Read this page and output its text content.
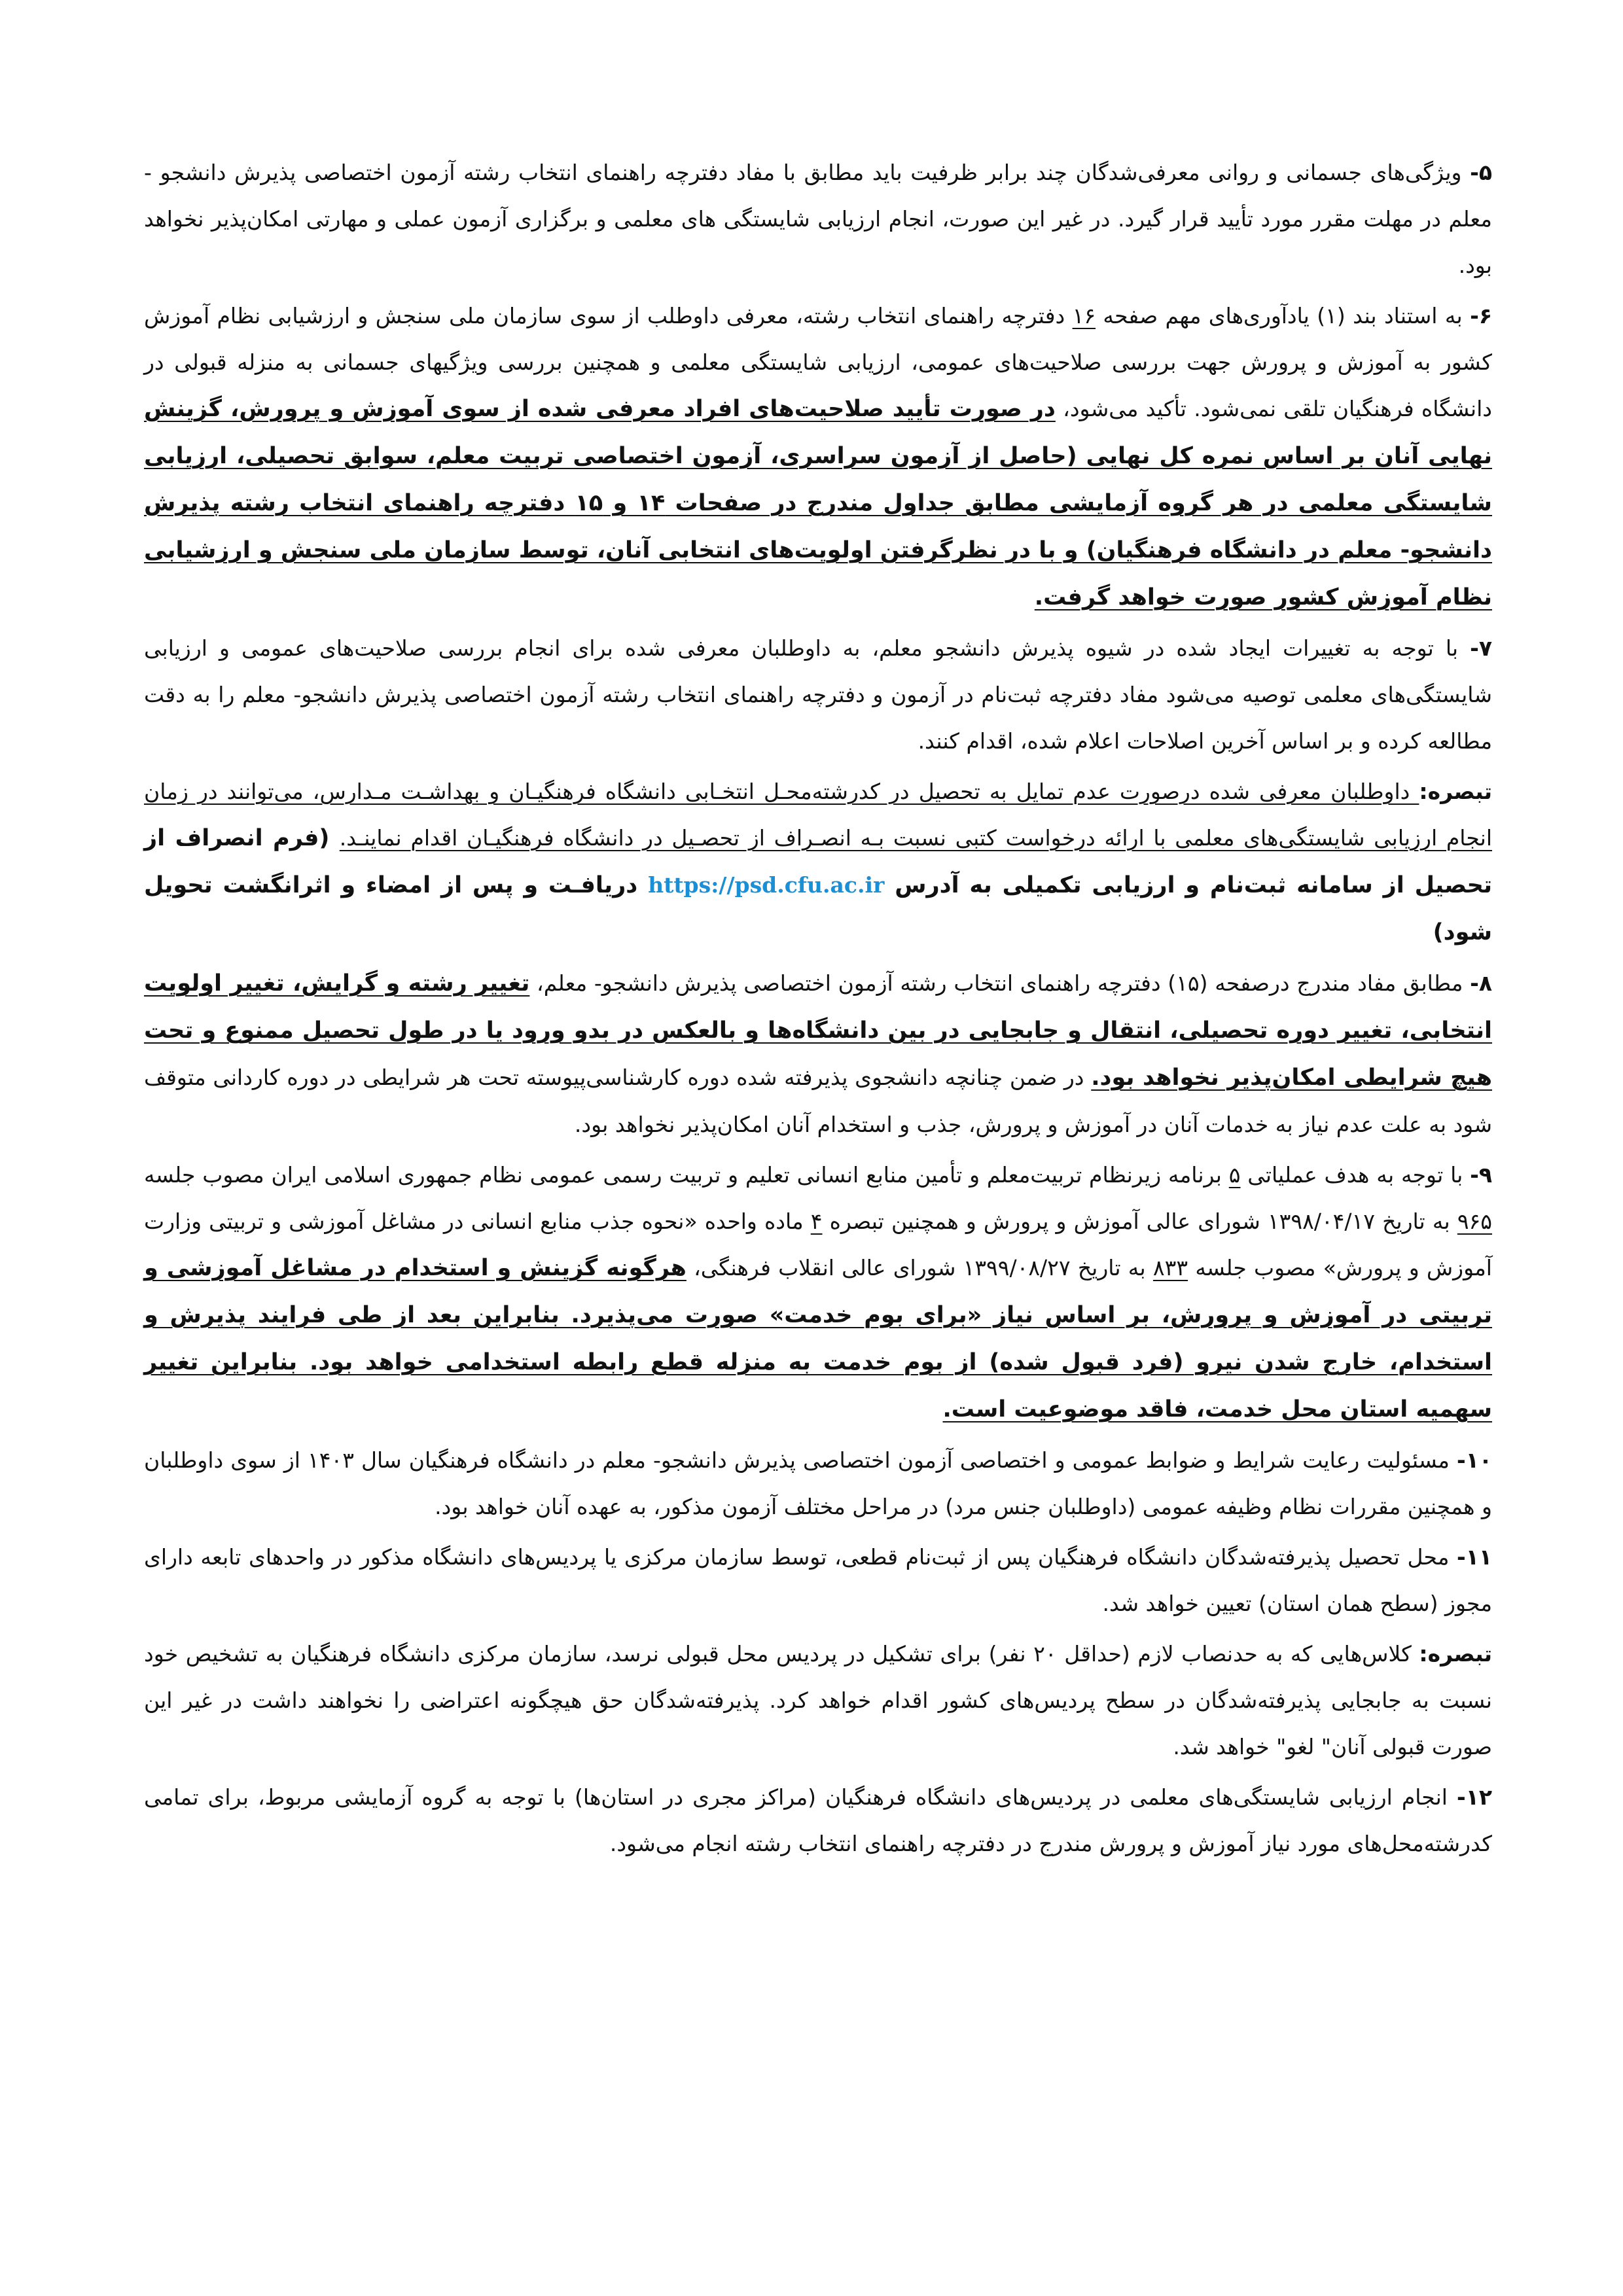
۵- ویژگی‌های جسمانی و روانی معرفی‌شدگان چند برابر ظرفیت باید مطابق با مفاد دفترچه راهنمای انتخاب رشته آزمون اختصاصی پذیرش دانشجو - معلم در مهلت مقرر مورد تأیید قرار گیرد. در غیر این صورت، انجام ارزیابی شایستگی های معلمی و برگزاری آزمون عملی و مهارتی امکان‌پذیر نخواهد بود.

۶- به استناد بند (۱) یادآوری‌های مهم صفحه ۱۶ دفترچه راهنمای انتخاب رشته، معرفی داوطلب از سوی سازمان ملی سنجش و ارزشیابی نظام آموزش کشور به آموزش و پرورش جهت بررسی صلاحیت‌های عمومی، ارزیابی شایستگی معلمی و همچنین بررسی ویژگیهای جسمانی به منزله قبولی در دانشگاه فرهنگیان تلقی نمی‌شود. تأکید می‌شود، در صورت تأیید صلاحیت‌های افراد معرفی شده از سوی آموزش و پرورش، گزینش نهایی آنان بر اساس نمره کل نهایی (حاصل از آزمون سراسری، آزمون اختصاصی تربیت معلم، سوابق تحصیلی، ارزیابی شایستگی معلمی در هر گروه آزمایشی مطابق جداول مندرج در صفحات ۱۴ و ۱۵ دفترچه راهنمای انتخاب رشته پذیرش دانشجو- معلم در دانشگاه فرهنگیان) و با در نظرگرفتن اولویت‌های انتخابی آنان، توسط سازمان ملی سنجش و ارزشیابی نظام آموزش کشور صورت خواهد گرفت.

۷- با توجه به تغییرات ایجاد شده در شیوه پذیرش دانشجو معلم، به داوطلبان معرفی شده برای انجام بررسی صلاحیت‌های عمومی و ارزیابی شایستگی‌های معلمی توصیه می‌شود مفاد دفترچه ثبت‌نام در آزمون و دفترچه راهنمای انتخاب رشته آزمون اختصاصی پذیرش دانشجو- معلم را به دقت مطالعه کرده و بر اساس آخرین اصلاحات اعلام شده، اقدام کنند.

تبصره: داوطلبان معرفی شده درصورت عدم تمایل به تحصیل در کدرشته‌محـل انتخـابی دانشگاه فرهنگیـان و بهداشـت مـدارس، می‌توانند در زمان انجام ارزیابی شایستگی‌های معلمی با ارائه درخواست کتبی نسبت بـه انصـراف از تحصـیل در دانشگاه فرهنگیـان اقدام نماینـد. (فرم انصراف از تحصیل از سامانه ثبت‌نام و ارزیابی تکمیلی به آدرس https://psd.cfu.ac.ir دریافـت و پس از امضاء و اثرانگشت تحویل شود)

۸- مطابق مفاد مندرج درصفحه (۱۵) دفترچه راهنمای انتخاب رشته آزمون اختصاصی پذیرش دانشجو- معلم، تغییر رشته و گرایش، تغییر اولویت انتخابی، تغییر دوره تحصیلی، انتقال و جابجایی در بین دانشگاه‌ها و بالعکس در بدو ورود یا در طول تحصیل ممنوع و تحت هیچ شرایطی امکان‌پذیر نخواهد بود. در ضمن چنانچه دانشجوی پذیرفته شده دوره کارشناسی‌پیوسته تحت هر شرایطی در دوره کاردانی متوقف شود به علت عدم نیاز به خدمات آنان در آموزش و پرورش، جذب و استخدام آنان امکان‌پذیر نخواهد بود.

۹- با توجه به هدف عملیاتی ۵ برنامه زیرنظام تربیت‌معلم و تأمین منابع انسانی تعلیم و تربیت رسمی عمومی نظام جمهوری اسلامی ایران مصوب جلسه ۹۶۵ به تاریخ ۱۳۹۸/۰۴/۱۷ شورای عالی آموزش و پرورش و همچنین تبصره ۴ ماده واحده «نحوه جذب منابع انسانی در مشاغل آموزشی و تربیتی وزارت آموزش و پرورش» مصوب جلسه ۸۳۳ به تاریخ ۱۳۹۹/۰۸/۲۷ شورای عالی انقلاب فرهنگی، هرگونه گزینش و استخدام در مشاغل آموزشی و تربیتی در آموزش و پرورش، بر اساس نیاز «برای بوم خدمت» صورت می‌پذیرد. بنابراین بعد از طی فرایند پذیرش و استخدام، خارج شدن نیرو (فرد قبول شده) از بوم خدمت به منزله قطع رابطه استخدامی خواهد بود. بنابراین تغییر سهمیه استان محل خدمت، فاقد موضوعیت است.

۱۰- مسئولیت رعایت شرایط و ضوابط عمومی و اختصاصی آزمون اختصاصی پذیرش دانشجو- معلم در دانشگاه فرهنگیان سال ۱۴۰۳ از سوی داوطلبان و همچنین مقررات نظام وظیفه عمومی (داوطلبان جنس مرد) در مراحل مختلف آزمون مذکور، به عهده آنان خواهد بود.

۱۱- محل تحصیل پذیرفته‌شدگان دانشگاه فرهنگیان پس از ثبت‌نام قطعی، توسط سازمان مرکزی یا پردیس‌های دانشگاه مذکور در واحدهای تابعه دارای مجوز (سطح همان استان) تعیین خواهد شد.

تبصره: کلاس‌هایی که به حدنصاب لازم (حداقل ۲۰ نفر) برای تشکیل در پردیس محل قبولی نرسد، سازمان مرکزی دانشگاه فرهنگیان به تشخیص خود نسبت به جابجایی پذیرفته‌شدگان در سطح پردیس‌های کشور اقدام خواهد کرد. پذیرفته‌شدگان حق هیچگونه اعتراضی را نخواهند داشت در غیر این صورت قبولی آنان" لغو" خواهد شد.

۱۲- انجام ارزیابی شایستگی‌های معلمی در پردیس‌های دانشگاه فرهنگیان (مراکز مجری در استان‌ها) با توجه به گروه آزمایشی مربوط، برای تمامی کدرشته‌محل‌های مورد نیاز آموزش و پرورش مندرج در دفترچه راهنمای انتخاب رشته انجام می‌شود.
